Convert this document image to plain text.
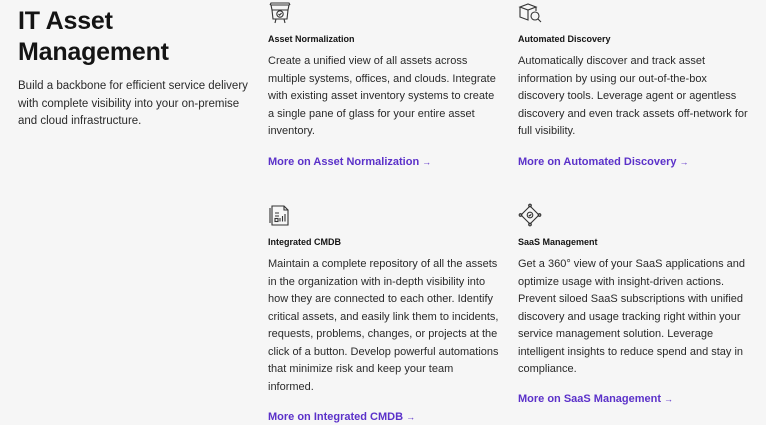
IT Asset
Management

Build a backbone for efficient service delivery with complete visibility into your on-premise and cloud infrastructure.

Asset Normalization

Create a unified view of all assets across multiple systems, offices, and clouds. Integrate with existing asset inventory systems to create a single pane of glass for your entire asset inventory.

More on Asset Normalization →
Automated Discovery

Automatically discover and track asset information by using our out-of-the-box discovery tools. Leverage agent or agentless discovery and even track assets off-network for full visibility.

More on Automated Discovery →
Integrated CMDB

Maintain a complete repository of all the assets in the organization with in-depth visibility into how they are connected to each other. Identify critical assets, and easily link them to incidents, requests, problems, changes, or projects at the click of a button. Develop powerful automations that minimize risk and keep your team informed.

More on Integrated CMDB →
SaaS Management

Get a 360° view of your SaaS applications and optimize usage with insight-driven actions. Prevent siloed SaaS subscriptions with unified discovery and usage tracking right within your service management solution. Leverage intelligent insights to reduce spend and stay in compliance.

More on SaaS Management →
